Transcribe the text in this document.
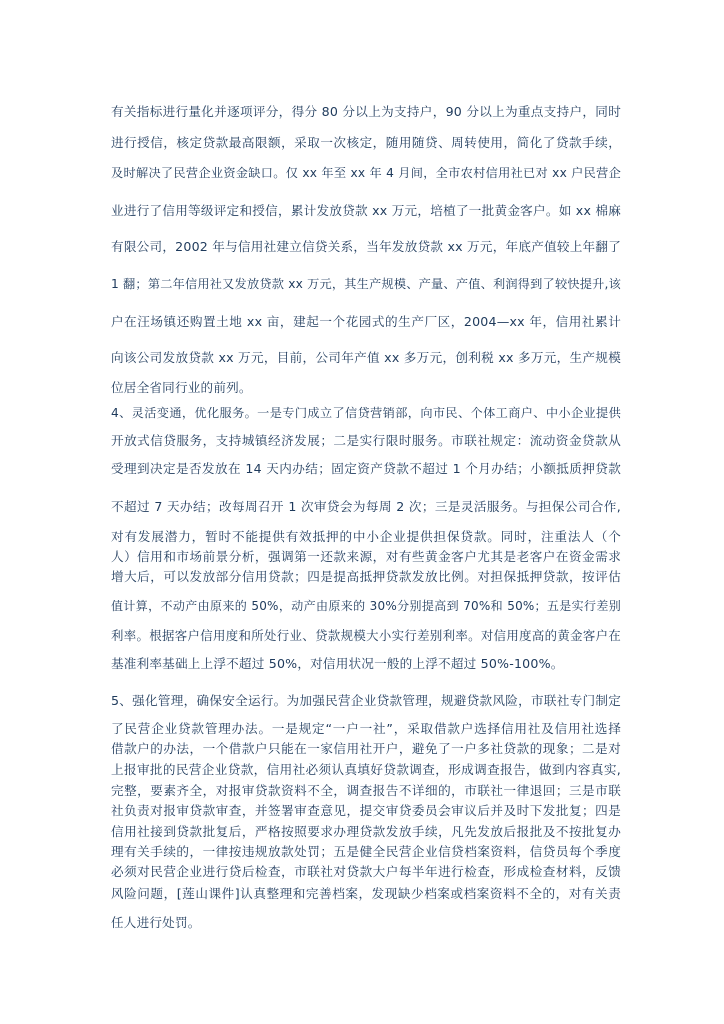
有关指标进行量化并逐项评分，得分 80 分以上为支持户，90 分以上为重点支持户，同时
进行授信，核定贷款最高限额，采取一次核定，随用随贷、周转使用，简化了贷款手续，
及时解决了民营企业资金缺口。仅 xx 年至 xx 年 4 月间，全市农村信用社已对 xx 户民营企
业进行了信用等级评定和授信，累计发放贷款 xx 万元，培植了一批黄金客户。如 xx 棉麻
有限公司，2002 年与信用社建立信贷关系，当年发放贷款 xx 万元，年底产值较上年翻了
1 翻；第二年信用社又发放贷款 xx 万元，其生产规模、产量、产值、利润得到了较快提升,该
户在汪场镇还购置土地 xx 亩，建起一个花园式的生产厂区，2004—xx 年，信用社累计
向该公司发放贷款 xx 万元，目前，公司年产值 xx 多万元，创利税 xx 多万元，生产规模
位居全省同行业的前列。
4、灵活变通，优化服务。一是专门成立了信贷营销部，向市民、个体工商户、中小企业提供
开放式信贷服务，支持城镇经济发展；二是实行限时服务。市联社规定：流动资金贷款从
受理到决定是否发放在 14 天内办结；固定资产贷款不超过 1 个月办结；小额抵质押贷款
不超过 7 天办结；改每周召开 1 次审贷会为每周 2 次；三是灵活服务。与担保公司合作,
对有发展潜力，暂时不能提供有效抵押的中小企业提供担保贷款。同时，注重法人（个
人）信用和市场前景分析，强调第一还款来源，对有些黄金客户尤其是老客户在资金需求
增大后，可以发放部分信用贷款；四是提高抵押贷款发放比例。对担保抵押贷款，按评估
值计算，不动产由原来的 50%，动产由原来的 30%分别提高到 70%和 50%；五是实行差别
利率。根据客户信用度和所处行业、贷款规模大小实行差别利率。对信用度高的黄金客户在
基准利率基础上上浮不超过 50%，对信用状况一般的上浮不超过 50%-100%。
5、强化管理，确保安全运行。为加强民营企业贷款管理，规避贷款风险，市联社专门制定
了民营企业贷款管理办法。一是规定“一户一社”，采取借款户选择信用社及信用社选择
借款户的办法，一个借款户只能在一家信用社开户，避免了一户多社贷款的现象；二是对
上报审批的民营企业贷款，信用社必须认真填好贷款调查，形成调查报告，做到内容真实,
完整，要素齐全，对报审贷款资料不全，调查报告不详细的，市联社一律退回；三是市联
社负责对报审贷款审查，并签署审查意见，提交审贷委员会审议后并及时下发批复；四是
信用社接到贷款批复后，严格按照要求办理贷款发放手续，凡先发放后报批及不按批复办
理有关手续的，一律按违规放款处罚；五是健全民营企业信贷档案资料，信贷员每个季度
必须对民营企业进行贷后检查，市联社对贷款大户每半年进行检查，形成检查材料，反馈
风险问题，[莲山课件]认真整理和完善档案，发现缺少档案或档案资料不全的，对有关责
任人进行处罚。
